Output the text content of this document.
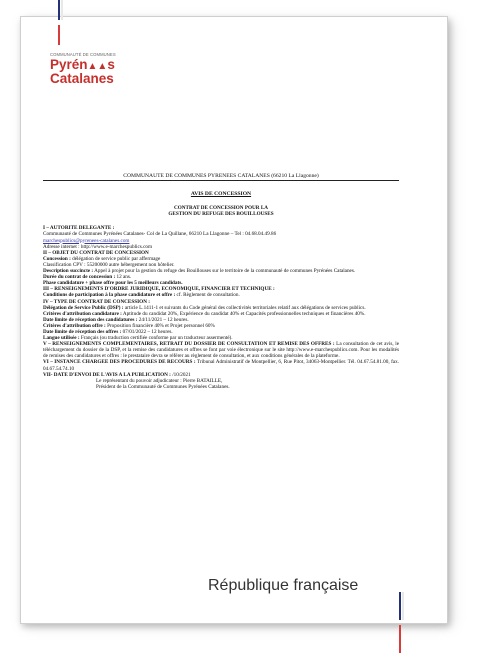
COMMUNAUTÉ DE COMMUNES
Pyrén▲▲s
Catalanes
COMMUNAUTE DE COMMUNES PYRENEES CATALANES (66210 La Llagonne)
AVIS DE CONCESSION
CONTRAT DE CONCESSION POUR LA
GESTION DU REFUGE DES BOUILLOUSES
I – AUTORITE DELEGANTE :
Communauté de Communes Pyrénées Catalanes- Col de La Quillane, 66210 La Llagonne – Tel : 04.68.04.49.86
marchespublics@pyrenees-catalanes.com
Adresse internet : http://www.e-marchespublics.com
II – OBJET DU CONTRAT DE CONCESSION
Concession : délégation de service public par affermage
Classification CPV : 55200000 autre hébergement non hôtelier.
Description succincte : Appel à projet pour la gestion du refuge des Bouillouses sur le territoire de la communauté de communes Pyrénées Catalanes.
Durée du contrat de concession : 12 ans.
Phase candidature + phase offre pour les 5 meilleurs candidats.
III – RENSEIGNEMENTS D'ORDRE JURIDIQUE, ECONOMIQUE, FINANCIER ET TECHNIQUE :
Conditions de participation à la phase candidature et offre : cf. Règlement de consultation.
IV – TYPE DE CONTRAT DE CONCESSION :
Délégation de Service Public (DSP) : article L.1411-1 et suivants du Code général des collectivités territoriales relatif aux délégations de services publics.
Critères d'attribution candidature : Aptitude du candidat 20%, Expérience du candidat 40% et Capacités professionnelles techniques et financières 40%.
Date limite de réception des candidatures : 24/11/2021 – 12 heures.
Critères d'attribution offre : Proposition financière 40% et Projet personnel 60%
Date limite de réception des offres : 07/01/2022 – 12 heures.
Langue utilisée : Français (ou traduction certifiée conforme par un traducteur assermenté).
V – RENSEIGNEMENTS COMPLEMENTAIRES, RETRAIT DU DOSSIER DE CONSULTATION ET REMISE DES OFFRES : La consultation de cet avis, le téléchargement du dossier de la DSP, et la remise des candidatures et offres se font par voie électronique sur le site http://www.e-marchespublics.com. Pour les modalités de remises des candidatures et offres : le prestataire devra se référer au règlement de consultation, et aux conditions générales de la plateforme.
VI – INSTANCE CHARGEE DES PROCEDURES DE RECOURS : Tribunal Administratif de Montpellier, 6, Rue Pitot, 34063-Montpellier. Tél. 04.67.54.81.00, fax. 04.67.54.74.10
VII- DATE D'ENVOI DE L'AVIS A LA PUBLICATION : /10/2021
Le représentant du pouvoir adjudicateur : Pierre BATAILLE,
Président de la Communauté de Communes Pyrénées Catalanes.
République française
